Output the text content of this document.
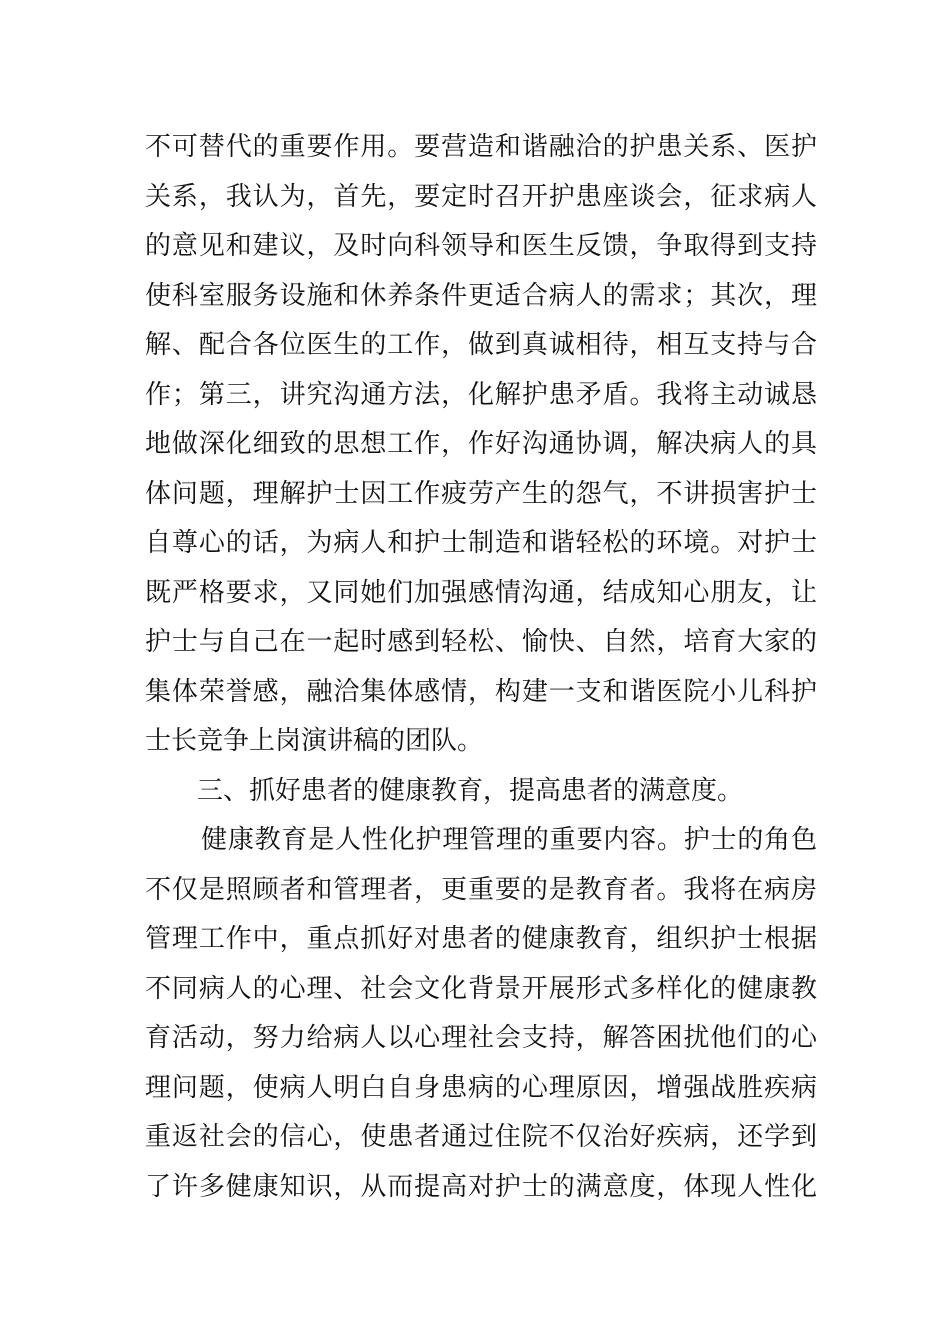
不可替代的重要作用。要营造和谐融洽的护患关系、医护
关系，我认为，首先，要定时召开护患座谈会，征求病人
的意见和建议，及时向科领导和医生反馈，争取得到支持
使科室服务设施和休养条件更适合病人的需求；其次，理
解、配合各位医生的工作，做到真诚相待，相互支持与合
作；第三，讲究沟通方法，化解护患矛盾。我将主动诚恳
地做深化细致的思想工作，作好沟通协调，解决病人的具
体问题，理解护士因工作疲劳产生的怨气，不讲损害护士
自尊心的话，为病人和护士制造和谐轻松的环境。对护士
既严格要求，又同她们加强感情沟通，结成知心朋友，让
护士与自己在一起时感到轻松、愉快、自然，培育大家的
集体荣誉感，融洽集体感情，构建一支和谐医院小儿科护
士长竞争上岗演讲稿的团队。
三、抓好患者的健康教育，提高患者的满意度。
健康教育是人性化护理管理的重要内容。护士的角色
不仅是照顾者和管理者，更重要的是教育者。我将在病房
管理工作中，重点抓好对患者的健康教育，组织护士根据
不同病人的心理、社会文化背景开展形式多样化的健康教
育活动，努力给病人以心理社会支持，解答困扰他们的心
理问题，使病人明白自身患病的心理原因，增强战胜疾病
重返社会的信心，使患者通过住院不仅治好疾病，还学到
了许多健康知识，从而提高对护士的满意度，体现人性化
